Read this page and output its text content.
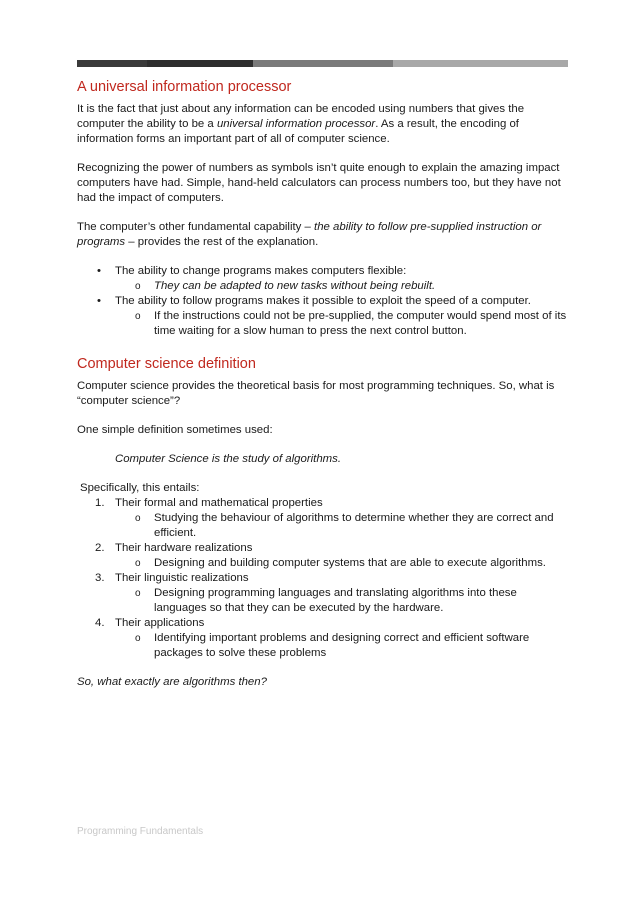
A universal information processor

It is the fact that just about any information can be encoded using numbers that gives the computer the ability to be a universal information processor. As a result, the encoding of information forms an important part of all of computer science.

Recognizing the power of numbers as symbols isn’t quite enough to explain the amazing impact computers have had. Simple, hand-held calculators can process numbers too, but they have not had the impact of computers.

The computer’s other fundamental capability – the ability to follow pre-supplied instruction or programs – provides the rest of the explanation.

• The ability to change programs makes computers flexible:
o They can be adapted to new tasks without being rebuilt.
• The ability to follow programs makes it possible to exploit the speed of a computer.
o If the instructions could not be pre-supplied, the computer would spend most of its time waiting for a slow human to press the next control button.
Computer science definition

Computer science provides the theoretical basis for most programming techniques. So, what is “computer science”?

One simple definition sometimes used:

Computer Science is the study of algorithms.

Specifically, this entails:

1. Their formal and mathematical properties
o Studying the behaviour of algorithms to determine whether they are correct and efficient.
2. Their hardware realizations
o Designing and building computer systems that are able to execute algorithms.
3. Their linguistic realizations
o Designing programming languages and translating algorithms into these languages so that they can be executed by the hardware.
4. Their applications
o Identifying important problems and designing correct and efficient software packages to solve these problems

So, what exactly are algorithms then?

Programming Fundamentals
